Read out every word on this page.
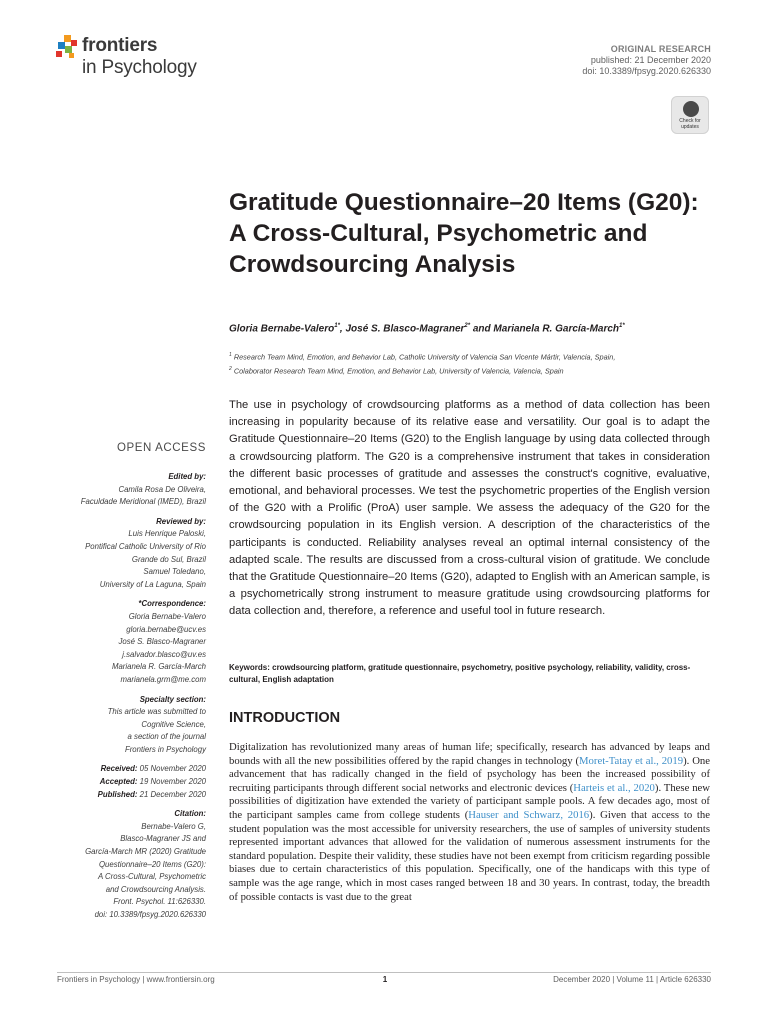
frontiers
in Psychology
ORIGINAL RESEARCH
published: 21 December 2020
doi: 10.3389/fpsyg.2020.626330
Check for
updates
Gratitude Questionnaire–20 Items (G20): A Cross-Cultural, Psychometric and Crowdsourcing Analysis
Gloria Bernabe-Valero$^{1*}$, José S. Blasco-Magraner$^{2*}$ and Marianela R. García-March$^{1*}$
$^1$ Research Team Mind, Emotion, and Behavior Lab, Catholic University of Valencia San Vicente Mártir, Valencia, Spain,
$^2$ Colaborator Research Team Mind, Emotion, and Behavior Lab, University of Valencia, Valencia, Spain

The use in psychology of crowdsourcing platforms as a method of data collection has been increasing in popularity because of its relative ease and versatility. Our goal is to adapt the Gratitude Questionnaire–20 Items (G20) to the English language by using data collected through a crowdsourcing platform. The G20 is a comprehensive instrument that takes in consideration the different basic processes of gratitude and assesses the construct's cognitive, evaluative, emotional, and behavioral processes. We test the psychometric properties of the English version of the G20 with a Prolific (ProA) user sample. We assess the adequacy of the G20 for the crowdsourcing population in its English version. A description of the characteristics of the participants is conducted. Reliability analyses reveal an optimal internal consistency of the adapted scale. The results are discussed from a cross-cultural vision of gratitude. We conclude that the Gratitude Questionnaire–20 Items (G20), adapted to English with an American sample, is a psychometrically strong instrument to measure gratitude using crowdsourcing platforms for data collection and, therefore, a reference and useful tool in future research.

Keywords: crowdsourcing platform, gratitude questionnaire, psychometry, positive psychology, reliability, validity, cross-cultural, English adaptation
INTRODUCTION

Digitalization has revolutionized many areas of human life; specifically, research has advanced by leaps and bounds with all the new possibilities offered by the rapid changes in technology (Moret-Tatay et al., 2019). One advancement that has radically changed in the field of psychology has been the increased possibility of recruiting participants through different social networks and electronic devices (Harteis et al., 2020). These new possibilities of digitization have extended the variety of participant sample pools. A few decades ago, most of the participant samples came from college students (Hauser and Schwarz, 2016). Given that access to the student population was the most accessible for university researchers, the use of samples of university students represented important advances that allowed for the validation of numerous assessment instruments for the standard population. Despite their validity, these studies have not been exempt from criticism regarding possible biases due to certain characteristics of this population. Specifically, one of the handicaps with this type of sample was the age range, which in most cases ranged between 18 and 30 years. In contrast, today, the breadth of possible contacts is vast due to the great

OPEN ACCESS
Edited by:
Camila Rosa De Oliveira,
Faculdade Meridional (IMED), Brazil
Reviewed by:
Luis Henrique Paloski,
Pontifical Catholic University of Rio
Grande do Sul, Brazil
Samuel Toledano,
University of La Laguna, Spain
*Correspondence:
Gloria Bernabe-Valero
gloria.bernabe@ucv.es
José S. Blasco-Magraner
j.salvador.blasco@uv.es
Marianela R. García-March
marianela.grm@me.com
Specialty section:
This article was submitted to
Cognitive Science,
a section of the journal
Frontiers in Psychology
Received: 05 November 2020
Accepted: 19 November 2020
Published: 21 December 2020
Citation:
Bernabe-Valero G,
Blasco-Magraner JS and
García-March MR (2020) Gratitude
Questionnaire–20 Items (G20):
A Cross-Cultural, Psychometric
and Crowdsourcing Analysis.
Front. Psychol. 11:626330.
doi: 10.3389/fpsyg.2020.626330
Frontiers in Psychology | www.frontiersin.org	1	December 2020 | Volume 11 | Article 626330
